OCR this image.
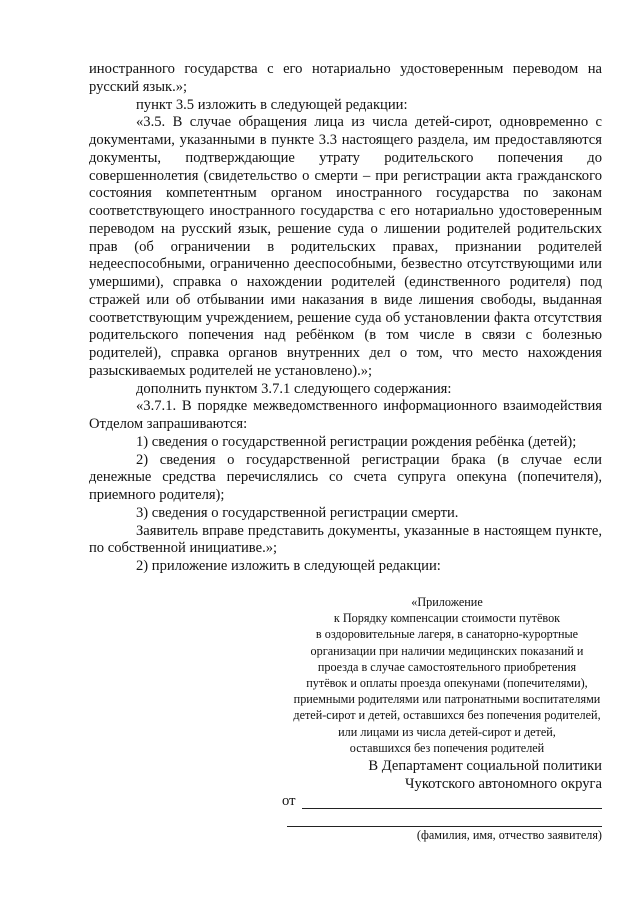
иностранного государства с его нотариально удостоверенным переводом на русский язык.»;

пункт 3.5 изложить в следующей редакции:

«3.5. В случае обращения лица из числа детей-сирот, одновременно с документами, указанными в пункте 3.3 настоящего раздела, им предоставляются документы, подтверждающие утрату родительского попечения до совершеннолетия (свидетельство о смерти – при регистрации акта гражданского состояния компетентным органом иностранного государства по законам соответствующего иностранного государства с его нотариально удостоверенным переводом на русский язык, решение суда о лишении родителей родительских прав (об ограничении в родительских правах, признании родителей недееспособными, ограниченно дееспособными, безвестно отсутствующими или умершими), справка о нахождении родителей (единственного родителя) под стражей или об отбывании ими наказания в виде лишения свободы, выданная соответствующим учреждением, решение суда об установлении факта отсутствия родительского попечения над ребёнком (в том числе в связи с болезнью родителей), справка органов внутренних дел о том, что место нахождения разыскиваемых родителей не установлено).»;

дополнить пунктом 3.7.1 следующего содержания:

«3.7.1. В порядке межведомственного информационного взаимодействия Отделом запрашиваются:

1) сведения о государственной регистрации рождения ребёнка (детей);

2) сведения о государственной регистрации брака (в случае если денежные средства перечислялись со счета супруга опекуна (попечителя), приемного родителя);

3) сведения о государственной регистрации смерти.

Заявитель вправе представить документы, указанные в настоящем пункте, по собственной инициативе.»;

2) приложение изложить в следующей редакции:

«Приложение

к Порядку компенсации стоимости путёвок

в оздоровительные лагеря, в санаторно-курортные

организации при наличии медицинских показаний и

проезда в случае самостоятельного приобретения

путёвок и оплаты проезда опекунами (попечителями),

приемными родителями или патронатными воспитателями

детей-сирот и детей, оставшихся без попечения родителей,

или лицами из числа детей-сирот и детей,

оставшихся без попечения родителей

В Департамент социальной политики

Чукотского автономного округа

от
(фамилия, имя, отчество заявителя)
